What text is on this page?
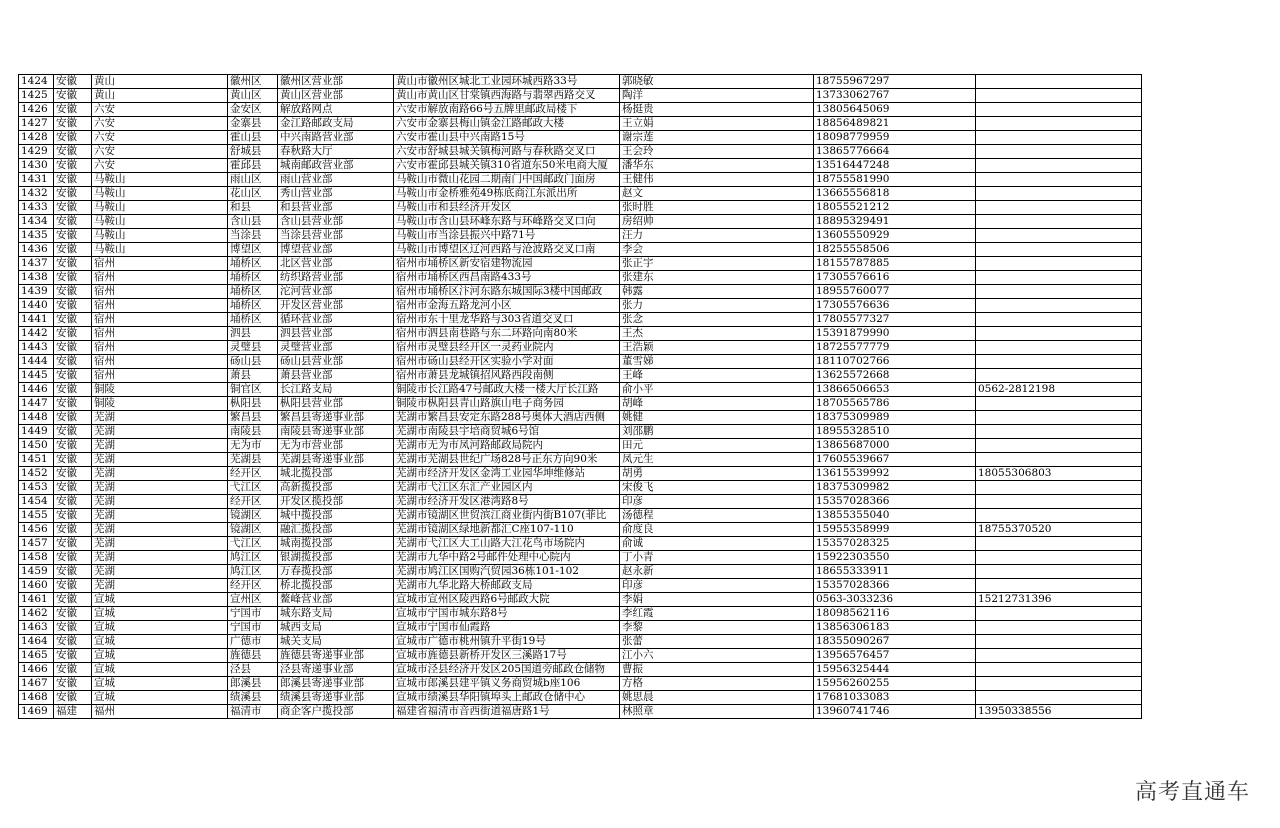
1424	安徽	黄山	徽州区	徽州区营业部	黄山市徽州区城北工业园环城西路33号	郭晓敏	18755967297	
1425	安徽	黄山	黄山区	黄山区营业部	黄山市黄山区甘棠镇西海路与翡翠西路交叉	陶洋	13733062767	
1426	安徽	六安	金安区	解放路网点	六安市解放南路66号五牌里邮政局楼下	杨挺贵	13805645069	
1427	安徽	六安	金寨县	金江路邮政支局	六安市金寨县梅山镇金江路邮政大楼	王立娟	18856489821	
1428	安徽	六安	霍山县	中兴南路营业部	六安市霍山县中兴南路15号	谢宗莲	18098779959	
1429	安徽	六安	舒城县	春秋路大厅	六安市舒城县城关镇梅河路与春秋路交叉口	王会玲	13865776664	
1430	安徽	六安	霍邱县	城南邮政营业部	六安市霍邱县城关镇310省道东50米电商大厦	潘华东	13516447248	
1431	安徽	马鞍山	雨山区	雨山营业部	马鞍山市微山花园二期南门中国邮政门面房	王健伟	18755581990	
1432	安徽	马鞍山	花山区	秀山营业部	马鞍山市金桥雅苑49栋底商江东派出所	赵文	13665556818	
1433	安徽	马鞍山	和县	和县营业部	马鞍山市和县经济开发区	张时胜	18055521212	
1434	安徽	马鞍山	含山县	含山县营业部	马鞍山市含山县环峰东路与环峰路交叉口向	房绍帅	18895329491	
1435	安徽	马鞍山	当涂县	当涂县营业部	马鞍山市当涂县振兴中路71号	汪力	13605550929	
1436	安徽	马鞍山	博望区	博望营业部	马鞍山市博望区辽河西路与沧波路交叉口南	李会	18255558506	
1437	安徽	宿州	埇桥区	北区营业部	宿州市埇桥区新安宿建物流园	张正宇	18155787885	
1438	安徽	宿州	埇桥区	纺织路营业部	宿州市埇桥区西昌南路433号	张建东	17305576616	
1439	安徽	宿州	埇桥区	沱河营业部	宿州市埇桥区汴河东路东城国际3楼中国邮政	韩露	18955760077	
1440	安徽	宿州	埇桥区	开发区营业部	宿州市金海五路龙河小区	张力	17305576636	
1441	安徽	宿州	埇桥区	循环营业部	宿州市东十里龙华路与303省道交叉口	张念	17805577327	
1442	安徽	宿州	泗县	泗县营业部	宿州市泗县南巷路与东二环路向南80米	王杰	15391879990	
1443	安徽	宿州	灵璧县	灵璧营业部	宿州市灵璧县经开区一灵药业院内	王浩颖	18725577779	
1444	安徽	宿州	砀山县	砀山县营业部	宿州市砀山县经开区实验小学对面	董雪娣	18110702766	
1445	安徽	宿州	萧县	萧县营业部	宿州市萧县龙城镇招风路西段南侧	王峰	13625572668	
1446	安徽	铜陵	铜官区	长江路支局	铜陵市长江路47号邮政大楼一楼大厅长江路	俞小平	13866506653	0562-2812198
1447	安徽	铜陵	枞阳县	枞阳县营业部	铜陵市枞阳县青山路旗山电子商务园	胡峰	18705565786	
1448	安徽	芜湖	繁昌县	繁昌县寄递事业部	芜湖市繁昌县安定东路288号奥体大酒店西侧	姚健	18375309989	
1449	安徽	芜湖	南陵县	南陵县寄递事业部	芜湖市南陵县宇培商贸城6号馆	刘邵鹏	18955328510	
1450	安徽	芜湖	无为市	无为市营业部	芜湖市无为市凤河路邮政局院内	田元	13865687000	
1451	安徽	芜湖	芜湖县	芜湖县寄递事业部	芜湖市芜湖县世纪广场828号正东方向90米	凤元生	17605539667	
1452	安徽	芜湖	经开区	城北揽投部	芜湖市经济开发区金湾工业园华坤维修站	胡勇	13615539992	18055306803
1453	安徽	芜湖	弋江区	高新揽投部	芜湖市弋江区东汇产业园区内	宋俊飞	18375309982	
1454	安徽	芜湖	经开区	开发区揽投部	芜湖市经济开发区港湾路8号	印彦	15357028366	
1455	安徽	芜湖	镜湖区	城中揽投部	芜湖市镜湖区世贸滨江商业街内街B107(菲比	汤德程	13855355040	
1456	安徽	芜湖	镜湖区	融汇揽投部	芜湖市镜湖区绿地新都汇C座107-110	俞度良	15955358999	18755370520
1457	安徽	芜湖	弋江区	城南揽投部	芜湖市弋江区大工山路大江花鸟市场院内	俞诚	15357028325	
1458	安徽	芜湖	鸠江区	银湖揽投部	芜湖市九华中路2号邮件处理中心院内	丁小青	15922303550	
1459	安徽	芜湖	鸠江区	万春揽投部	芜湖市鸠江区国购汽贸园36栋101-102	赵永新	18655333911	
1460	安徽	芜湖	经开区	桥北揽投部	芜湖市九华北路大桥邮政支局	印彦	15357028366	
1461	安徽	宣城	宣州区	鳌峰营业部	宣城市宣州区陵西路6号邮政大院	李娟	0563-3033236	15212731396
1462	安徽	宣城	宁国市	城东路支局	宣城市宁国市城东路8号	李红霞	18098562116	
1463	安徽	宣城	宁国市	城西支局	宣城市宁国市仙霞路	李黎	13856306183	
1464	安徽	宣城	广德市	城关支局	宣城市广德市桃州镇升平街19号	张蕾	18355090267	
1465	安徽	宣城	旌德县	旌德县寄递事业部	宣城市旌德县新桥开发区三溪路17号	江小六	13956576457	
1466	安徽	宣城	泾县	泾县寄递事业部	宣城市泾县经济开发区205国道旁邮政仓储物	曹振	15956325444	
1467	安徽	宣城	郎溪县	郎溪县寄递事业部	宣城市郎溪县建平镇义务商贸城b座106	方格	15956260255	
1468	安徽	宣城	绩溪县	绩溪县寄递事业部	宣城市绩溪县华阳镇埠头上邮政仓储中心	姚思晨	17681033083	
1469	福建	福州	福清市	商企客户揽投部	福建省福清市音西街道福唐路1号	林照章	13960741746	13950338556
高考直通车
